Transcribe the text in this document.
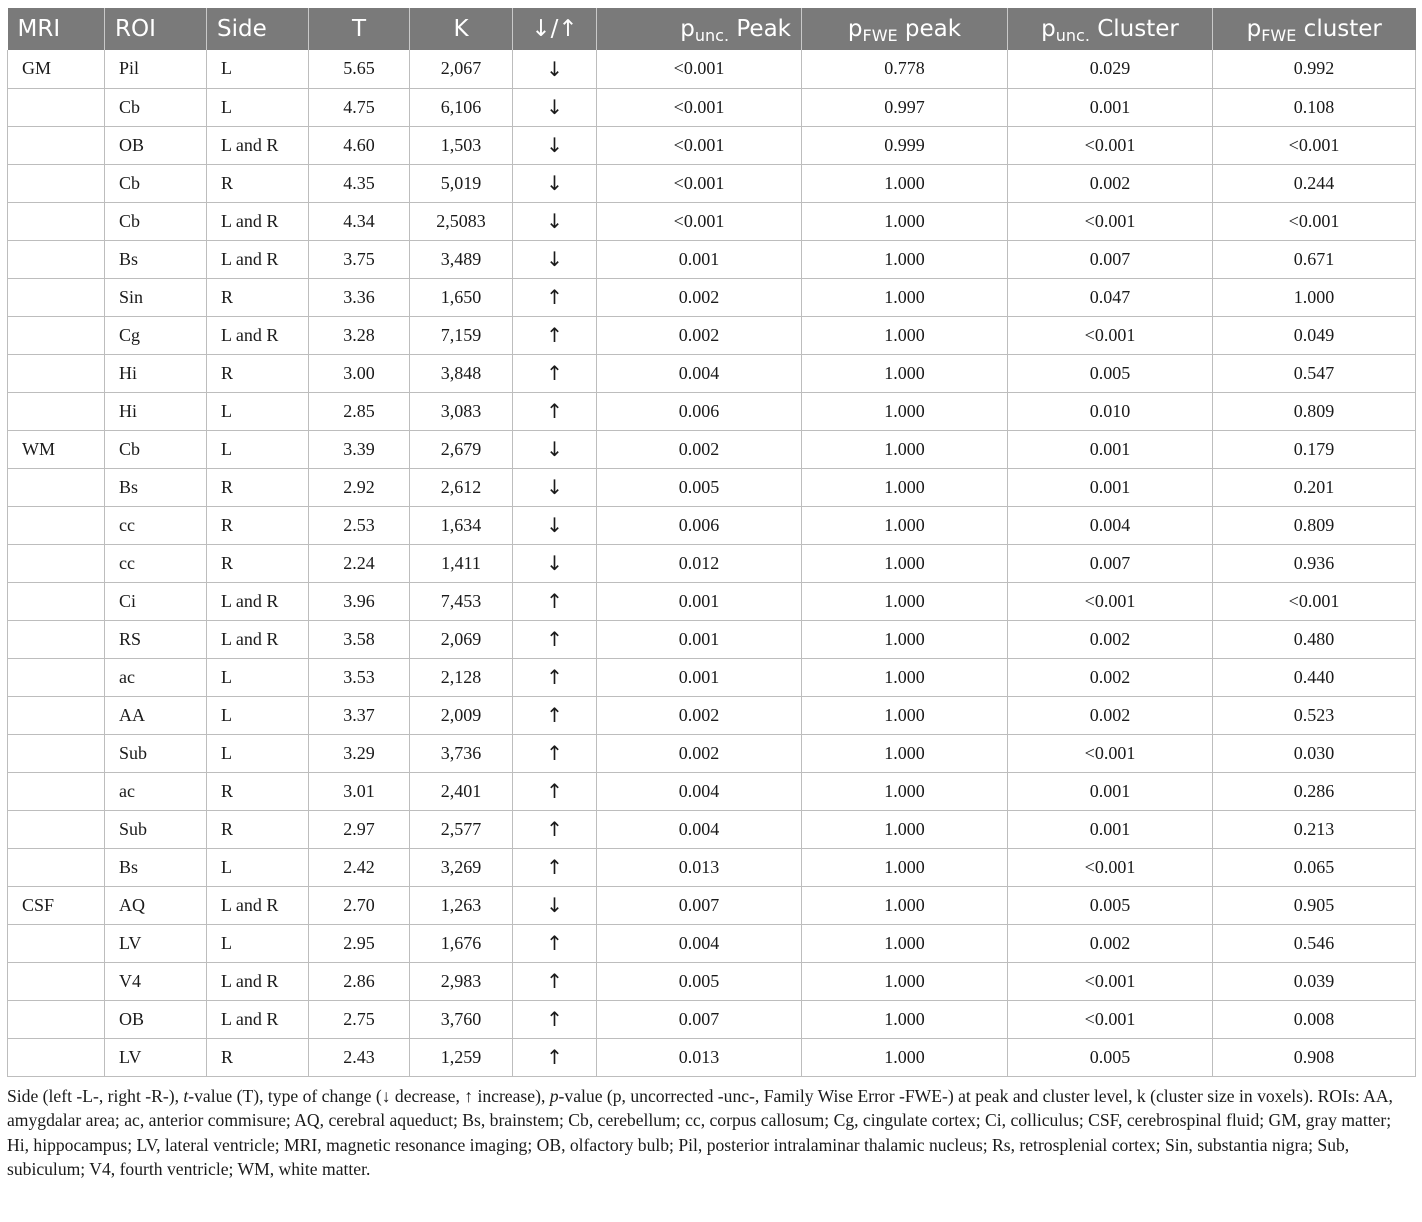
MRI	ROI	Side	T	K	↓/↑	$p_{unc.}$ Peak	$p_{FWE}$ peak	$p_{unc.}$ Cluster	$p_{FWE}$ cluster
GM	Pil	L	5.65	2,067	↓	<0.001	0.778	0.029	0.992
	Cb	L	4.75	6,106	↓	<0.001	0.997	0.001	0.108
	OB	L and R	4.60	1,503	↓	<0.001	0.999	<0.001	<0.001
	Cb	R	4.35	5,019	↓	<0.001	1.000	0.002	0.244
	Cb	L and R	4.34	2,5083	↓	<0.001	1.000	<0.001	<0.001
	Bs	L and R	3.75	3,489	↓	0.001	1.000	0.007	0.671
	Sin	R	3.36	1,650	↑	0.002	1.000	0.047	1.000
	Cg	L and R	3.28	7,159	↑	0.002	1.000	<0.001	0.049
	Hi	R	3.00	3,848	↑	0.004	1.000	0.005	0.547
	Hi	L	2.85	3,083	↑	0.006	1.000	0.010	0.809
WM	Cb	L	3.39	2,679	↓	0.002	1.000	0.001	0.179
	Bs	R	2.92	2,612	↓	0.005	1.000	0.001	0.201
	cc	R	2.53	1,634	↓	0.006	1.000	0.004	0.809
	cc	R	2.24	1,411	↓	0.012	1.000	0.007	0.936
	Ci	L and R	3.96	7,453	↑	0.001	1.000	<0.001	<0.001
	RS	L and R	3.58	2,069	↑	0.001	1.000	0.002	0.480
	ac	L	3.53	2,128	↑	0.001	1.000	0.002	0.440
	AA	L	3.37	2,009	↑	0.002	1.000	0.002	0.523
	Sub	L	3.29	3,736	↑	0.002	1.000	<0.001	0.030
	ac	R	3.01	2,401	↑	0.004	1.000	0.001	0.286
	Sub	R	2.97	2,577	↑	0.004	1.000	0.001	0.213
	Bs	L	2.42	3,269	↑	0.013	1.000	<0.001	0.065
CSF	AQ	L and R	2.70	1,263	↓	0.007	1.000	0.005	0.905
	LV	L	2.95	1,676	↑	0.004	1.000	0.002	0.546
	V4	L and R	2.86	2,983	↑	0.005	1.000	<0.001	0.039
	OB	L and R	2.75	3,760	↑	0.007	1.000	<0.001	0.008
	LV	R	2.43	1,259	↑	0.013	1.000	0.005	0.908
Side (left -L-, right -R-), t-value (T), type of change (↓ decrease, ↑ increase), p-value (p, uncorrected -unc-, Family Wise Error -FWE-) at peak and cluster level, k (cluster size in voxels). ROIs: AA, amygdalar area; ac, anterior commisure; AQ, cerebral aqueduct; Bs, brainstem; Cb, cerebellum; cc, corpus callosum; Cg, cingulate cortex; Ci, colliculus; CSF, cerebrospinal fluid; GM, gray matter; Hi, hippocampus; LV, lateral ventricle; MRI, magnetic resonance imaging; OB, olfactory bulb; Pil, posterior intralaminar thalamic nucleus; Rs, retrosplenial cortex; Sin, substantia nigra; Sub, subiculum; V4, fourth ventricle; WM, white matter.
